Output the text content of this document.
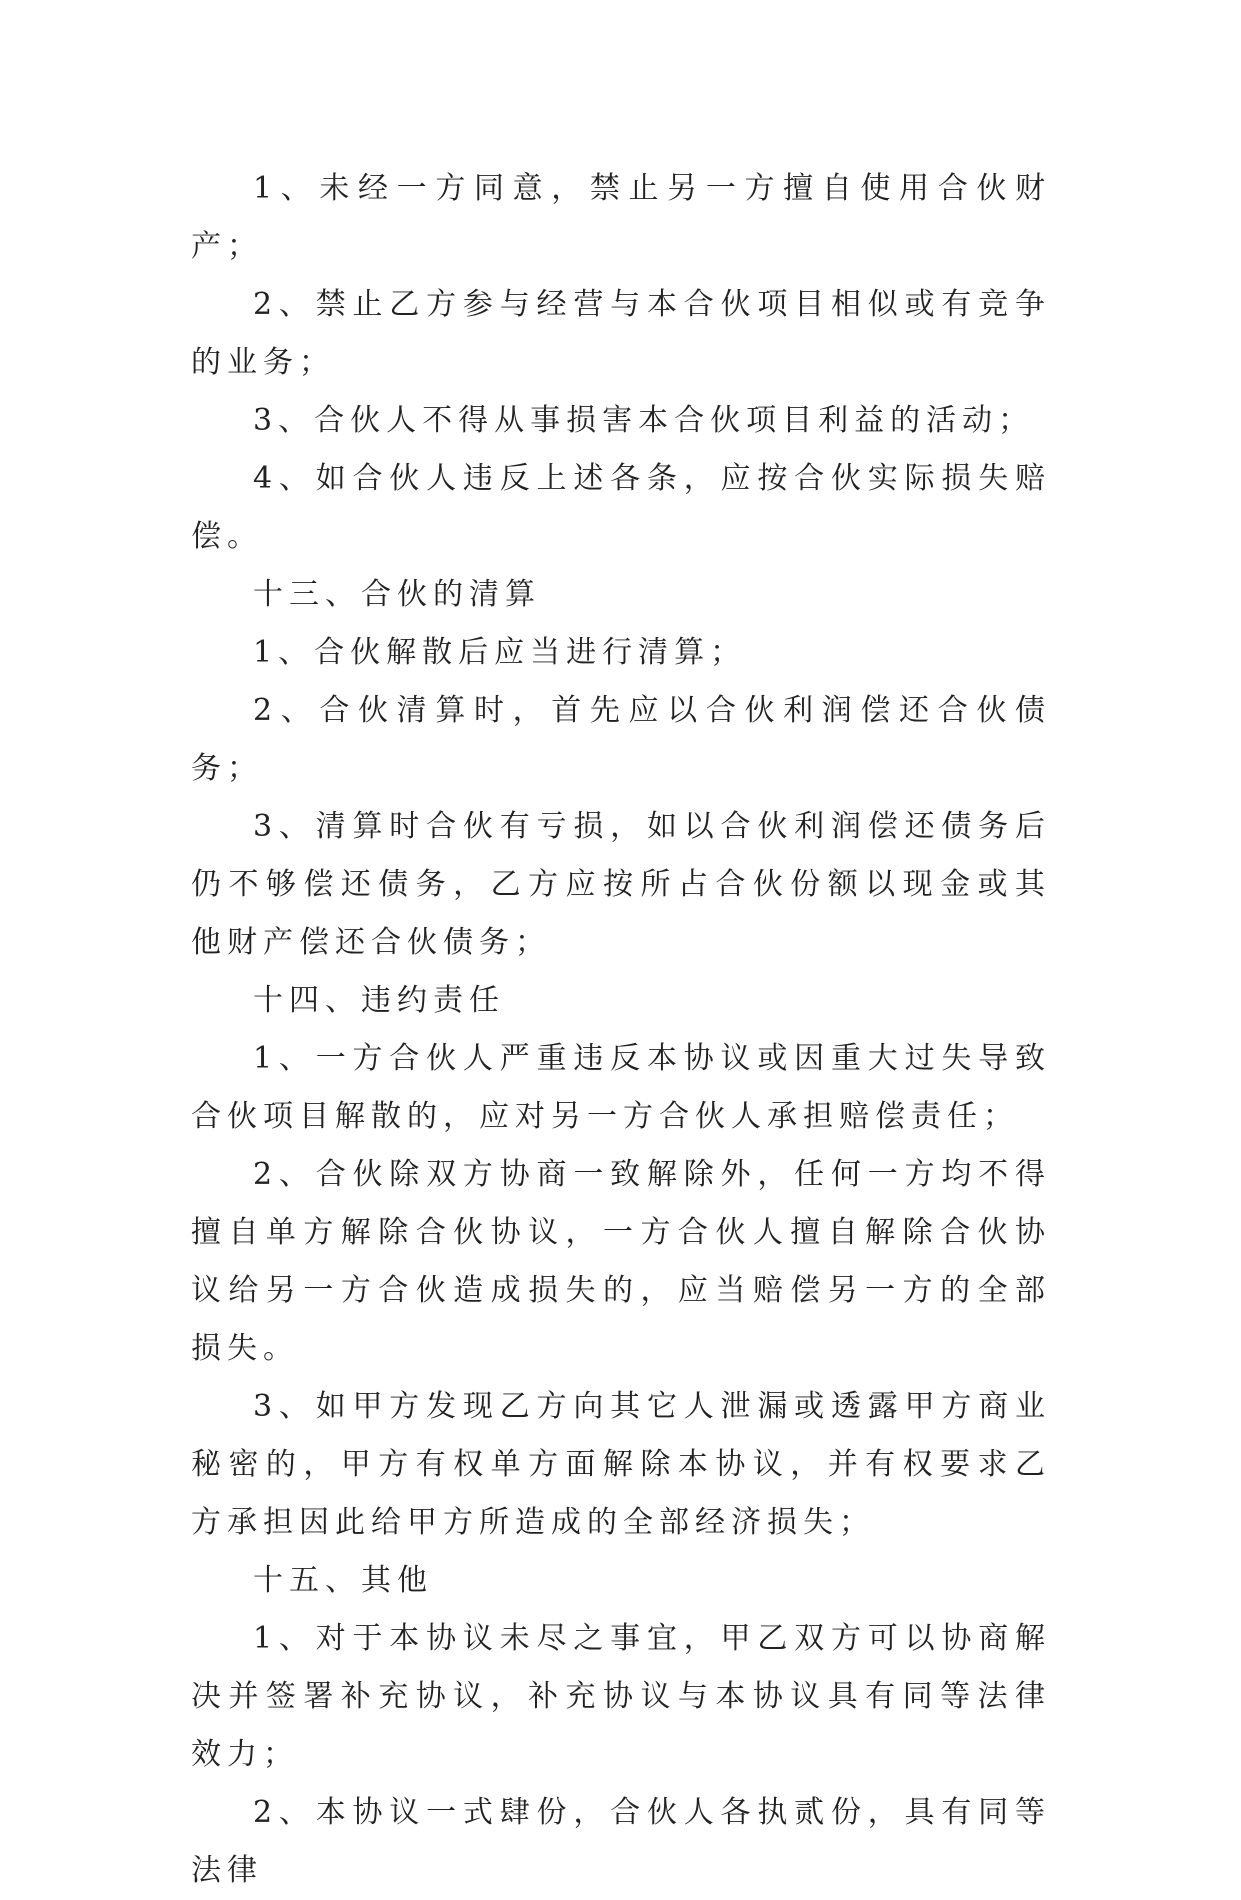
1、未经一方同意，禁止另一方擅自使用合伙财产；

2、禁止乙方参与经营与本合伙项目相似或有竞争的业务；

3、合伙人不得从事损害本合伙项目利益的活动；

4、如合伙人违反上述各条，应按合伙实际损失赔偿。

十三、合伙的清算

1、合伙解散后应当进行清算；

2、合伙清算时，首先应以合伙利润偿还合伙债务；

3、清算时合伙有亏损，如以合伙利润偿还债务后仍不够偿还债务，乙方应按所占合伙份额以现金或其他财产偿还合伙债务；

十四、违约责任

1、一方合伙人严重违反本协议或因重大过失导致合伙项目解散的，应对另一方合伙人承担赔偿责任；

2、合伙除双方协商一致解除外，任何一方均不得擅自单方解除合伙协议，一方合伙人擅自解除合伙协议给另一方合伙造成损失的，应当赔偿另一方的全部损失。

3、如甲方发现乙方向其它人泄漏或透露甲方商业秘密的，甲方有权单方面解除本协议，并有权要求乙方承担因此给甲方所造成的全部经济损失；

十五、其他

1、对于本协议未尽之事宜，甲乙双方可以协商解决并签署补充协议，补充协议与本协议具有同等法律效力；

2、本协议一式肆份，合伙人各执贰份，具有同等法律
